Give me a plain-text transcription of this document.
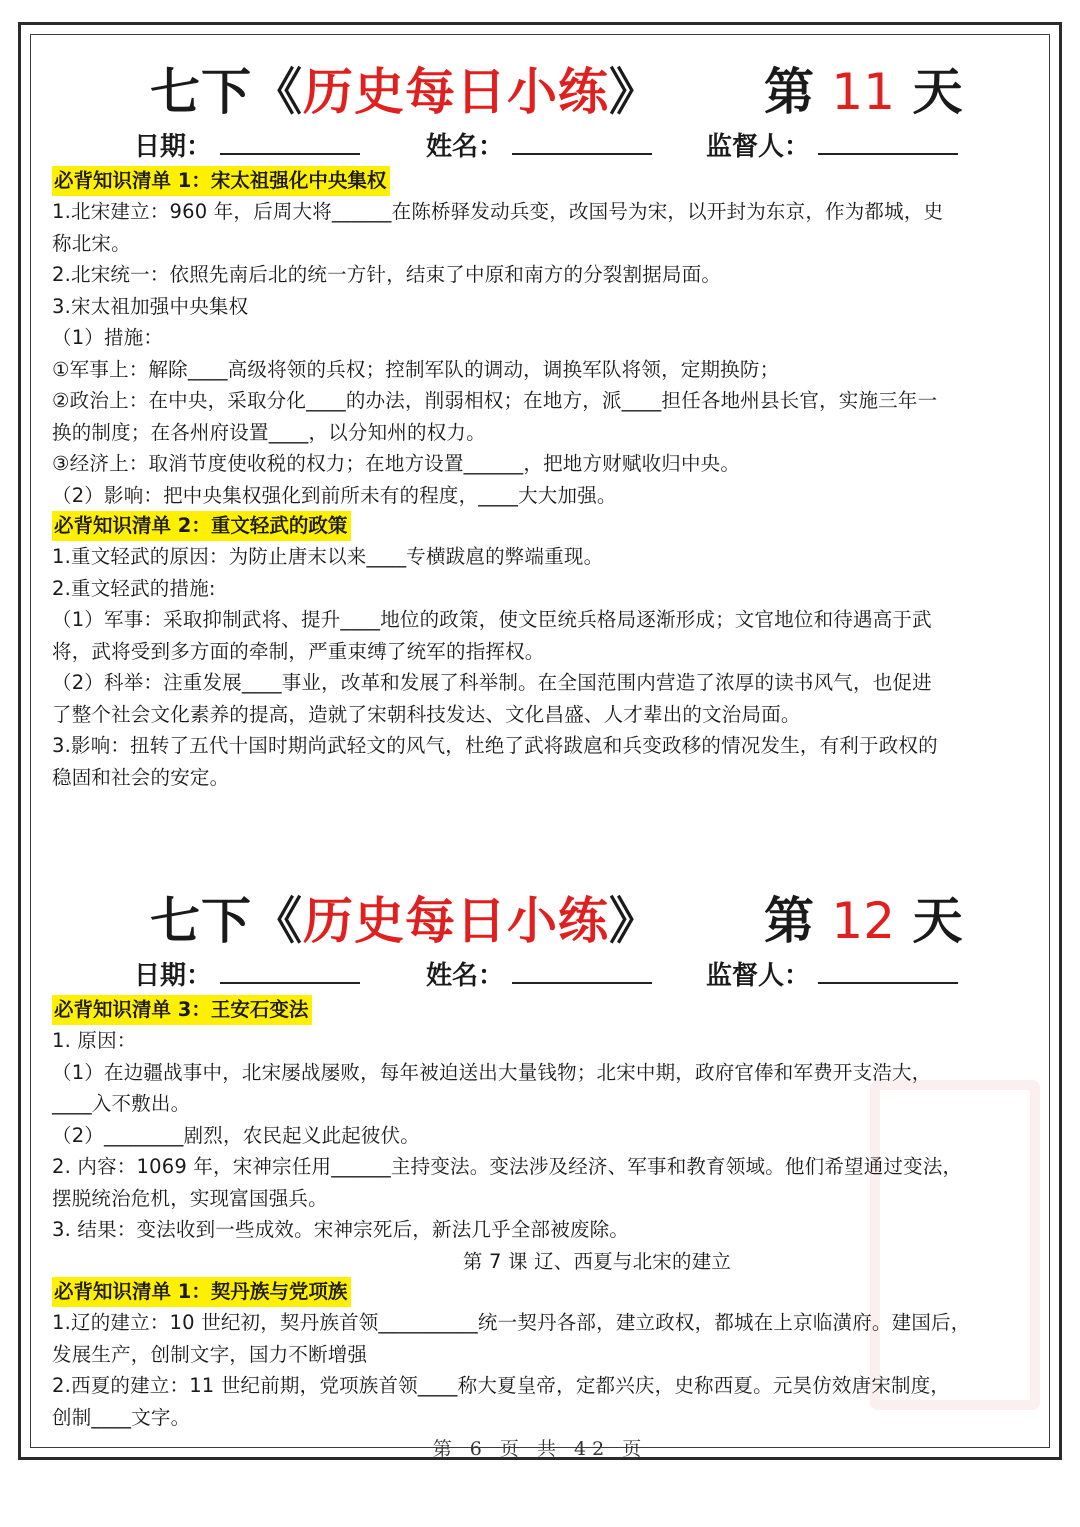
七下《历史每日小练》 第 11 天
日期：	姓名：	监督人：
必背知识清单 1：宋太祖强化中央集权
1.北宋建立：960 年，后周大将______在陈桥驿发动兵变，改国号为宋，以开封为东京，作为都城，史
称北宋。
2.北宋统一：依照先南后北的统一方针，结束了中原和南方的分裂割据局面。
3.宋太祖加强中央集权
（1）措施：
①军事上：解除____高级将领的兵权；控制军队的调动，调换军队将领，定期换防；
②政治上：在中央，采取分化____的办法，削弱相权；在地方，派____担任各地州县长官，实施三年一
换的制度；在各州府设置____，以分知州的权力。
③经济上：取消节度使收税的权力；在地方设置______，把地方财赋收归中央。
（2）影响：把中央集权强化到前所未有的程度，____大大加强。
必背知识清单 2：重文轻武的政策
1.重文轻武的原因：为防止唐末以来____专横跋扈的弊端重现。
2.重文轻武的措施:
（1）军事：采取抑制武将、提升____地位的政策，使文臣统兵格局逐渐形成；文官地位和待遇高于武
将，武将受到多方面的牵制，严重束缚了统军的指挥权。
（2）科举：注重发展____事业，改革和发展了科举制。在全国范围内营造了浓厚的读书风气，也促进
了整个社会文化素养的提高，造就了宋朝科技发达、文化昌盛、人才辈出的文治局面。
3.影响：扭转了五代十国时期尚武轻文的风气，杜绝了武将跋扈和兵变政移的情况发生，有利于政权的
稳固和社会的安定。
七下《历史每日小练》 第 12 天
日期：	姓名：	监督人：
必背知识清单 3：王安石变法
1. 原因：
（1）在边疆战事中，北宋屡战屡败，每年被迫送出大量钱物；北宋中期，政府官俸和军费开支浩大，
____入不敷出。
（2）________剧烈，农民起义此起彼伏。
2. 内容：1069 年，宋神宗任用______主持变法。变法涉及经济、军事和教育领域。他们希望通过变法，
摆脱统治危机，实现富国强兵。
3. 结果：变法收到一些成效。宋神宗死后，新法几乎全部被废除。
第 7 课 辽、西夏与北宋的建立
必背知识清单 1：契丹族与党项族
1.辽的建立：10 世纪初，契丹族首领__________统一契丹各部，建立政权，都城在上京临潢府。建国后，
发展生产，创制文字，国力不断增强
2.西夏的建立：11 世纪前期，党项族首领____称大夏皇帝，定都兴庆，史称西夏。元昊仿效唐宋制度，
创制____文字。
第 6 页 共 42 页
